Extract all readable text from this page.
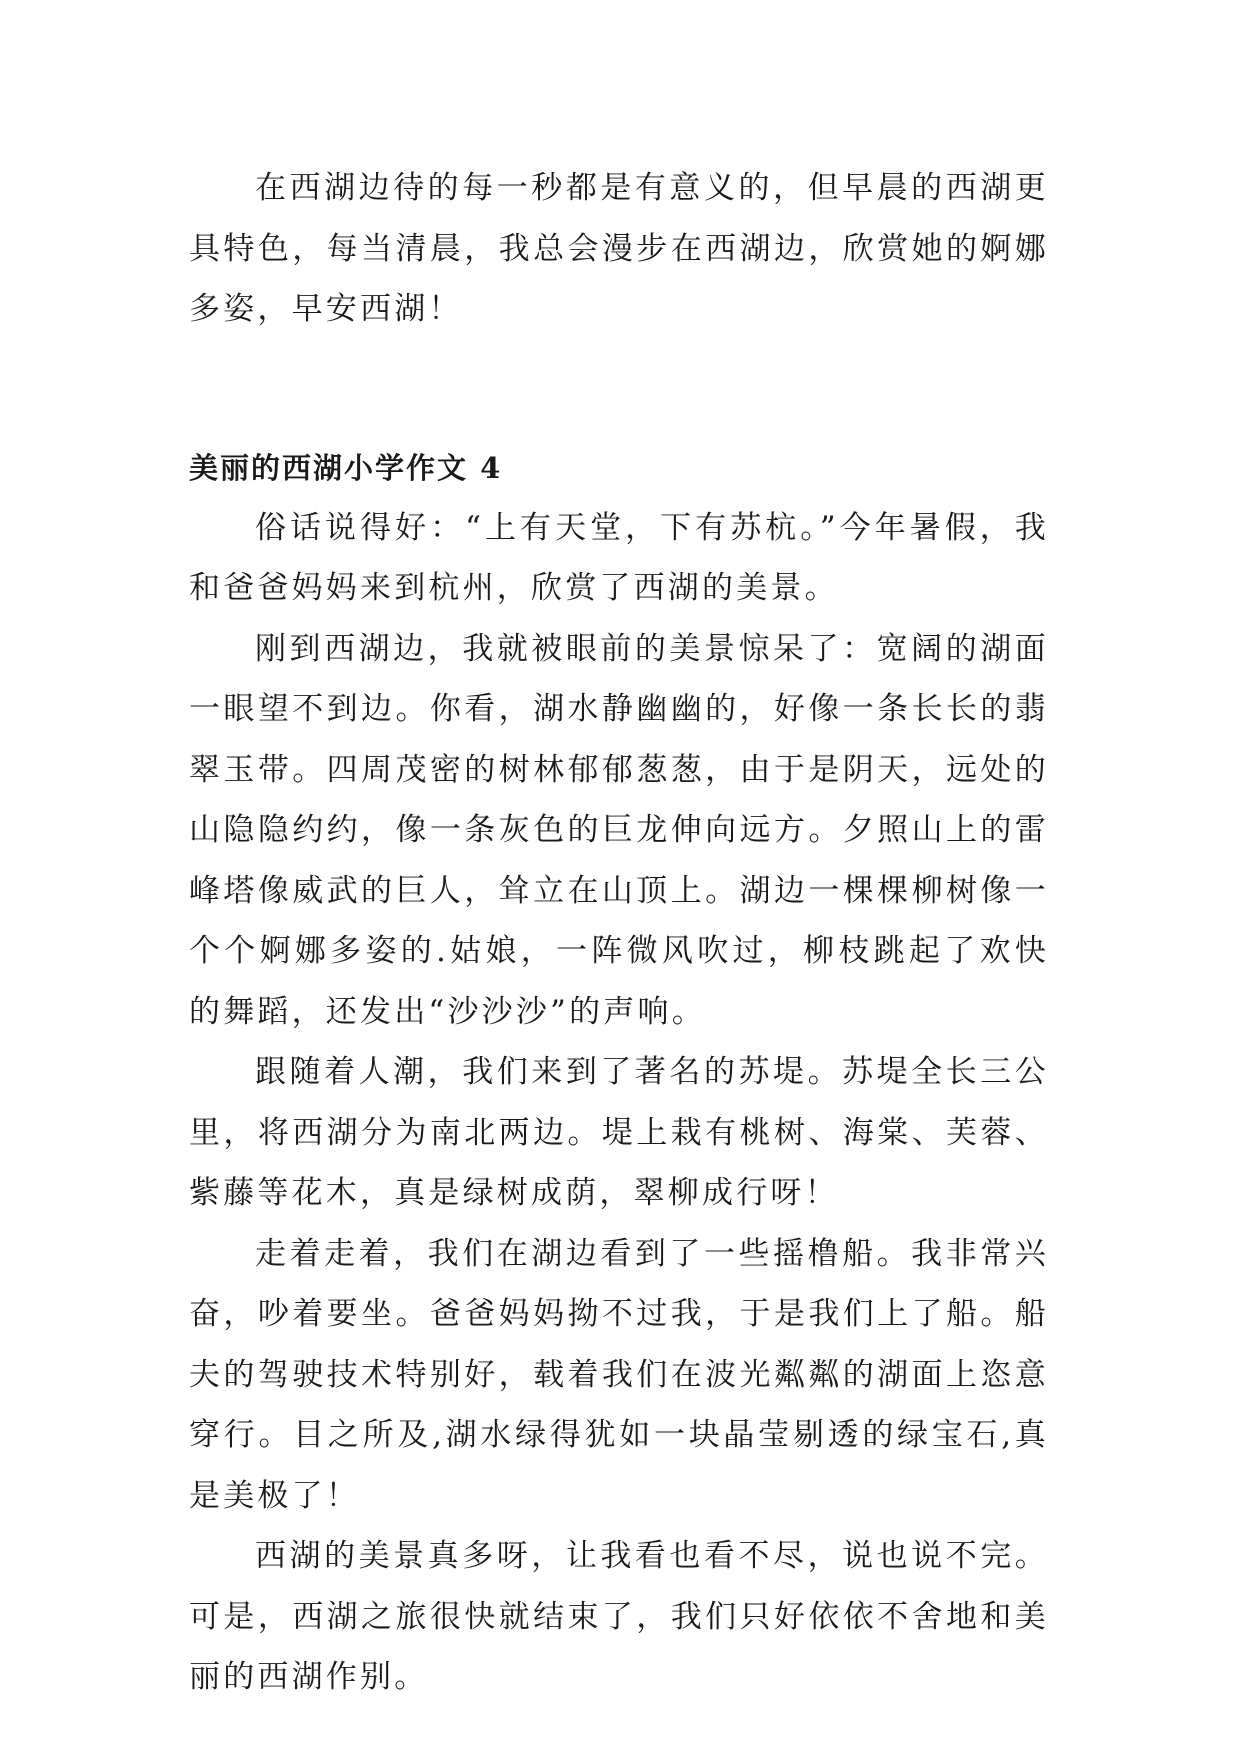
在西湖边待的每一秒都是有意义的，但早晨的西湖更具特色，每当清晨，我总会漫步在西湖边，欣赏她的婀娜多姿，早安西湖！

美丽的西湖小学作文 4

俗话说得好：“上有天堂，下有苏杭。”今年暑假，我和爸爸妈妈来到杭州，欣赏了西湖的美景。

刚到西湖边，我就被眼前的美景惊呆了：宽阔的湖面一眼望不到边。你看，湖水静幽幽的，好像一条长长的翡翠玉带。四周茂密的树林郁郁葱葱，由于是阴天，远处的山隐隐约约，像一条灰色的巨龙伸向远方。夕照山上的雷峰塔像威武的巨人，耸立在山顶上。湖边一棵棵柳树像一个个婀娜多姿的.姑娘，一阵微风吹过，柳枝跳起了欢快的舞蹈，还发出“沙沙沙”的声响。

跟随着人潮，我们来到了著名的苏堤。苏堤全长三公里，将西湖分为南北两边。堤上栽有桃树、海棠、芙蓉、紫藤等花木，真是绿树成荫，翠柳成行呀！

走着走着，我们在湖边看到了一些摇橹船。我非常兴奋，吵着要坐。爸爸妈妈拗不过我，于是我们上了船。船夫的驾驶技术特别好，载着我们在波光粼粼的湖面上恣意穿行。目之所及,湖水绿得犹如一块晶莹剔透的绿宝石,真是美极了！

西湖的美景真多呀，让我看也看不尽，说也说不完。可是，西湖之旅很快就结束了，我们只好依依不舍地和美丽的西湖作别。
